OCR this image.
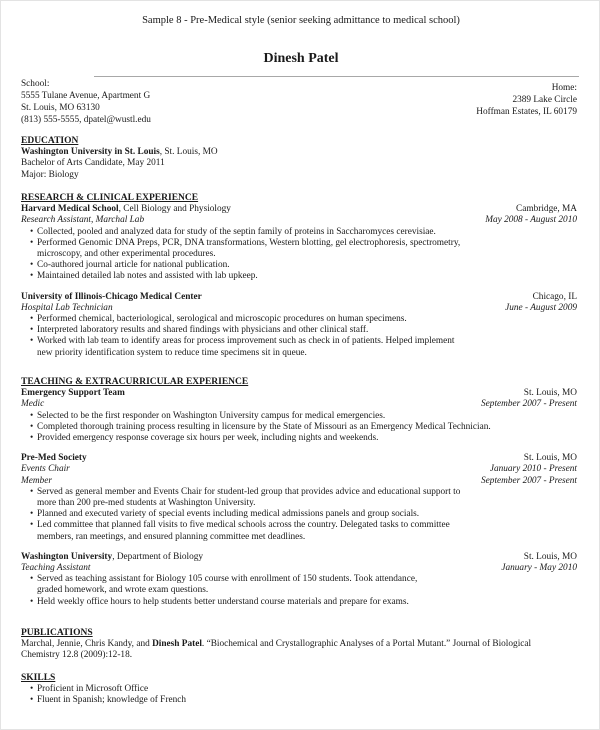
Sample 8 - Pre-Medical style (senior seeking admittance to medical school)
Dinesh Patel
School:
5555 Tulane Avenue, Apartment G
St. Louis, MO 63130
(813) 555-5555, dpatel@wustl.edu
Home:
2389 Lake Circle
Hoffman Estates, IL 60179
EDUCATION
Washington University in St. Louis, St. Louis, MO
Bachelor of Arts Candidate, May 2011
Major: Biology
RESEARCH & CLINICAL EXPERIENCE
Harvard Medical School, Cell Biology and Physiology	Cambridge, MA
Research Assistant, Marchal Lab	May 2008 - August 2010
• Collected, pooled and analyzed data for study of the septin family of proteins in Saccharomyces cerevisiae.
• Performed Genomic DNA Preps, PCR, DNA transformations, Western blotting, gel electrophoresis, spectrometry,
microscopy, and other experimental procedures.
• Co-authored journal article for national publication.
• Maintained detailed lab notes and assisted with lab upkeep.
University of Illinois-Chicago Medical Center	Chicago, IL
Hospital Lab Technician	June - August 2009
• Performed chemical, bacteriological, serological and microscopic procedures on human specimens.
• Interpreted laboratory results and shared findings with physicians and other clinical staff.
• Worked with lab team to identify areas for process improvement such as check in of patients. Helped implement
new priority identification system to reduce time specimens sit in queue.
TEACHING & EXTRACURRICULAR EXPERIENCE
Emergency Support Team	St. Louis, MO
Medic	September 2007 - Present
• Selected to be the first responder on Washington University campus for medical emergencies.
• Completed thorough training process resulting in licensure by the State of Missouri as an Emergency Medical Technician.
• Provided emergency response coverage six hours per week, including nights and weekends.
Pre-Med Society	St. Louis, MO
Events Chair	January 2010 - Present
Member	September 2007 - Present
• Served as general member and Events Chair for student-led group that provides advice and educational support to
more than 200 pre-med students at Washington University.
• Planned and executed variety of special events including medical admissions panels and group socials.
• Led committee that planned fall visits to five medical schools across the country. Delegated tasks to committee
members, ran meetings, and ensured planning committee met deadlines.
Washington University, Department of Biology	St. Louis, MO
Teaching Assistant	January - May 2010
• Served as teaching assistant for Biology 105 course with enrollment of 150 students. Took attendance,
graded homework, and wrote exam questions.
• Held weekly office hours to help students better understand course materials and prepare for exams.
PUBLICATIONS
Marchal, Jennie, Chris Kandy, and Dinesh Patel. “Biochemical and Crystallographic Analyses of a Portal Mutant.” Journal of Biological
Chemistry 12.8 (2009):12-18.
SKILLS
• Proficient in Microsoft Office
• Fluent in Spanish; knowledge of French
